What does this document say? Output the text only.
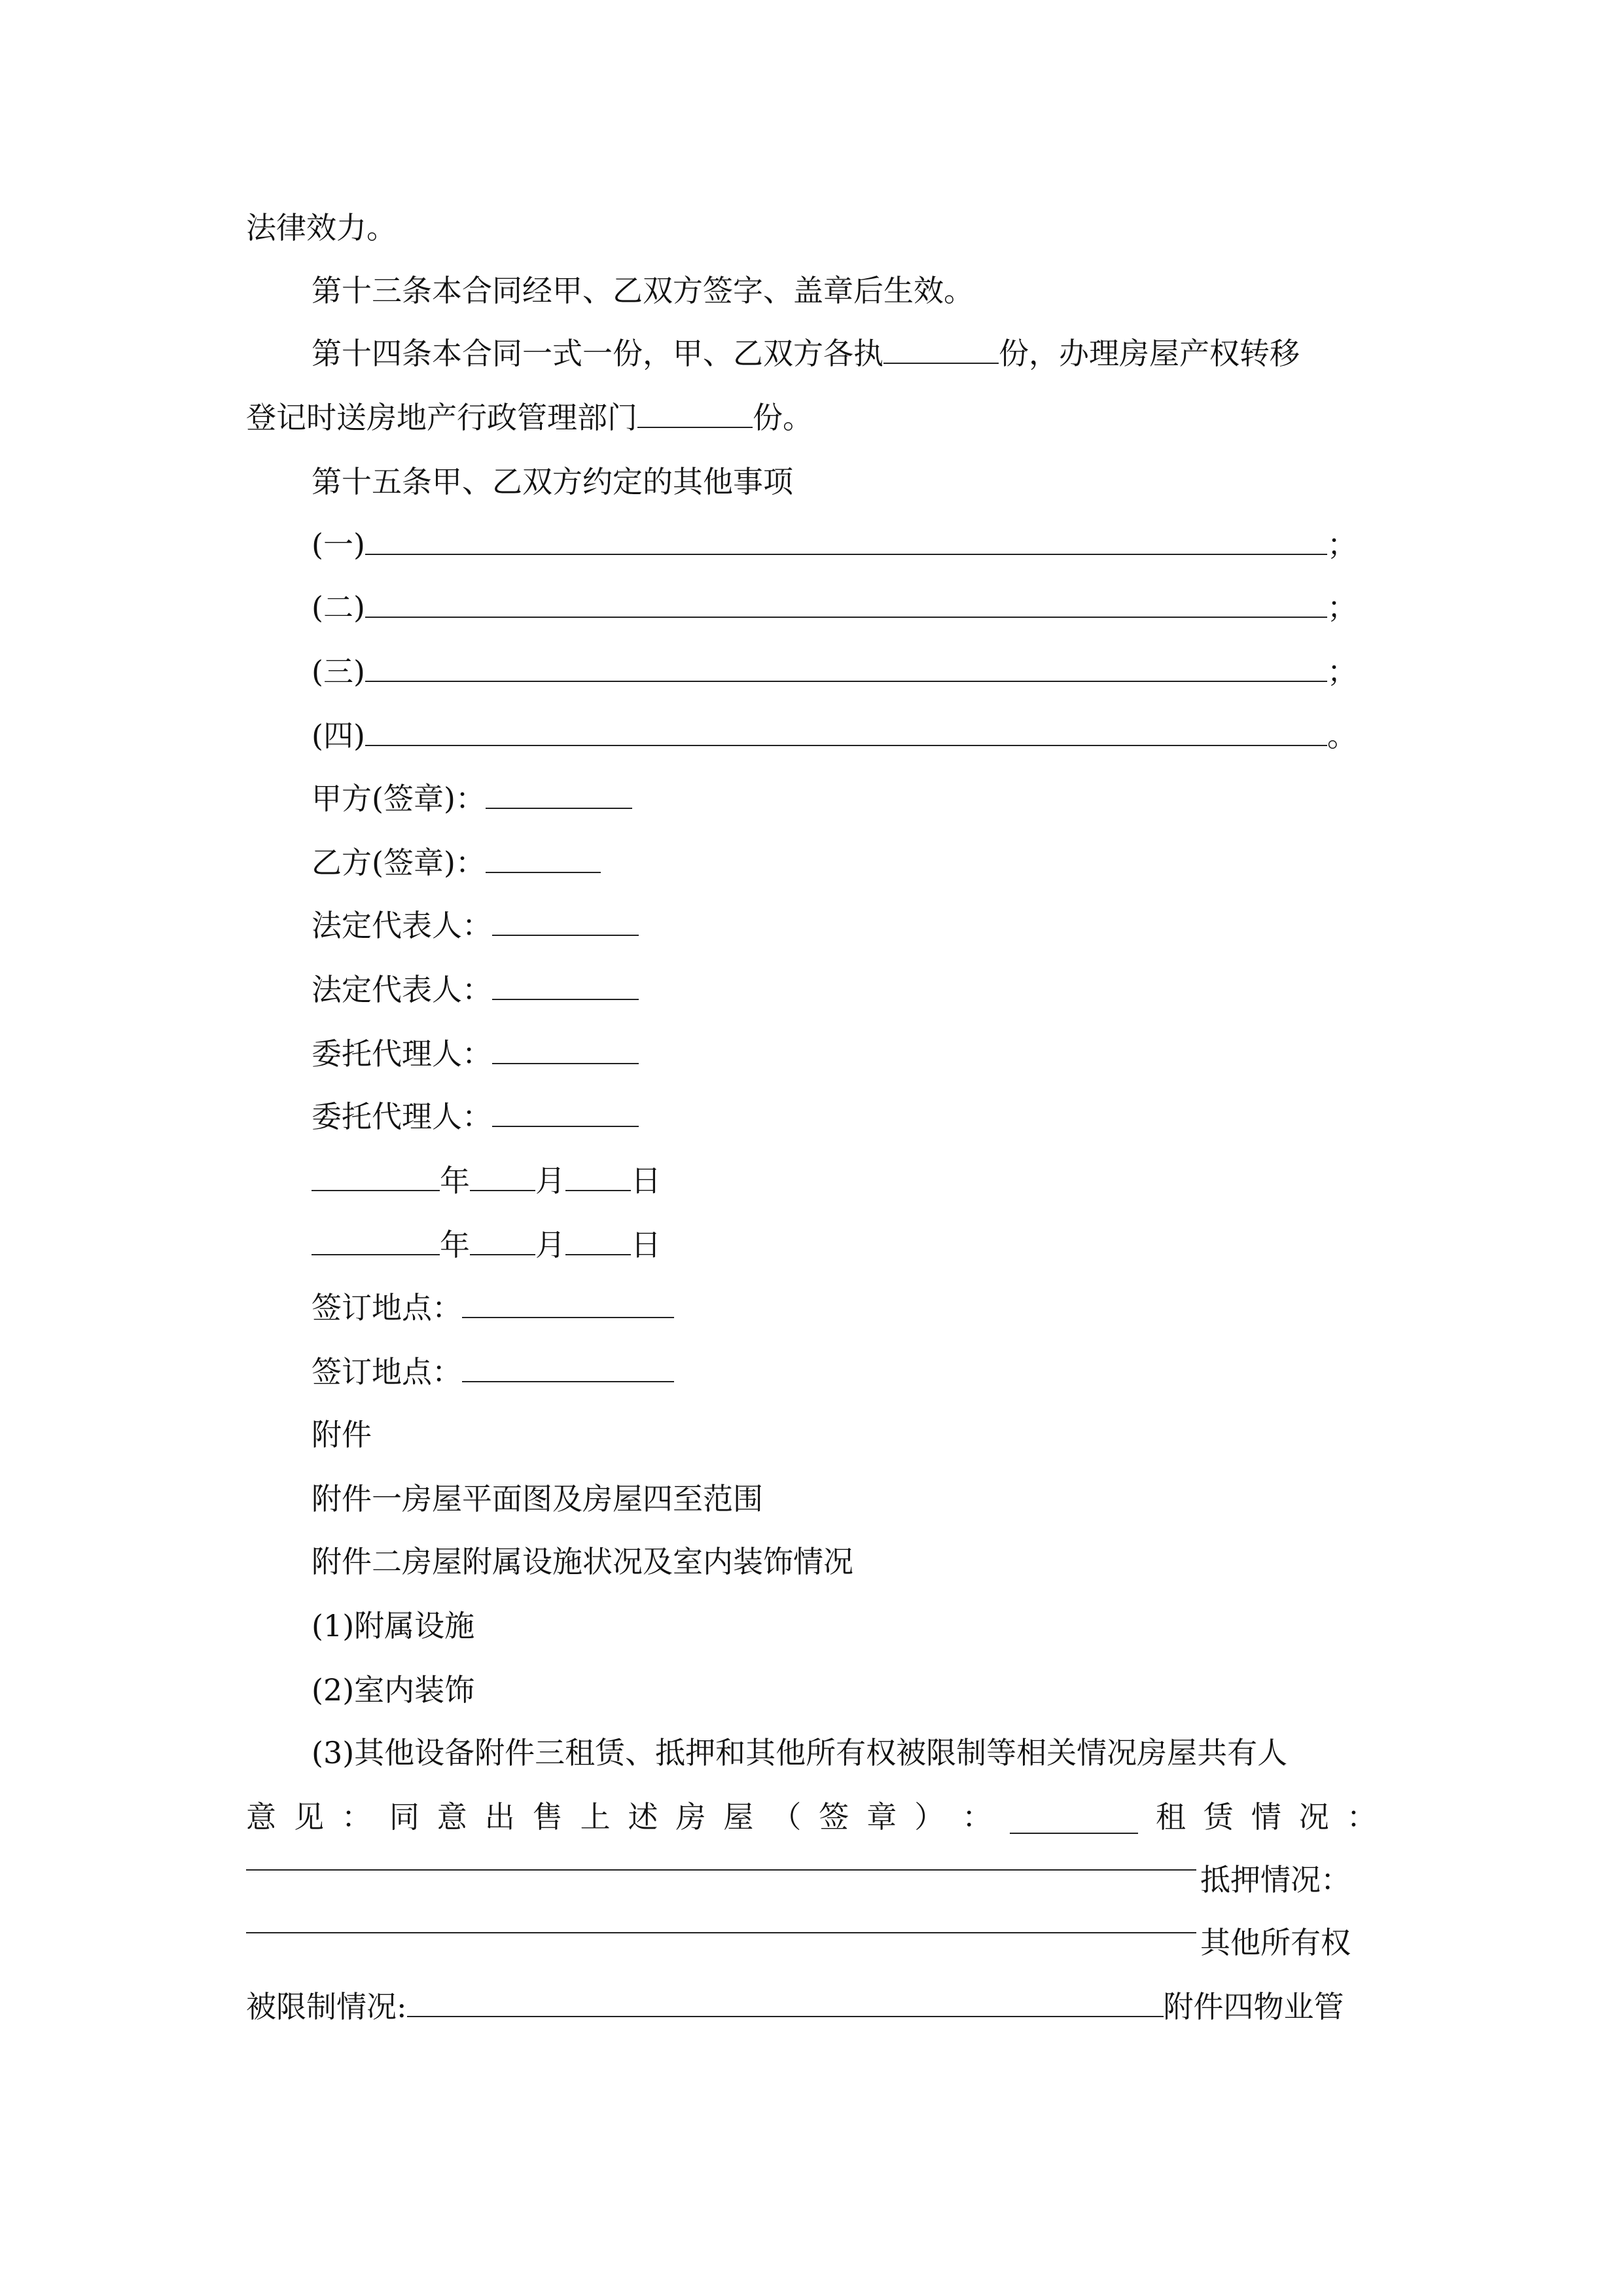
法律效力。
第十三条本合同经甲、乙双方签字、盖章后生效。
第十四条本合同一式一份，甲、乙双方各执	份，办理房屋产权转移
登记时送房地产行政管理部门	份。
第十五条甲、乙双方约定的其他事项
(一)	；
(二)	；
(三)	；
(四)	。
甲方(签章)：
乙方(签章)：
法定代表人：
法定代表人：
委托代理人：
委托代理人：
年 月 日
年 月 日
签订地点：
签订地点：
附件
附件一房屋平面图及房屋四至范围
附件二房屋附属设施状况及室内装饰情况
(1)附属设施
(2)室内装饰
(3)其他设备附件三租赁、抵押和其他所有权被限制等相关情况房屋共有人
意 见 ： 同 意 出 售 上 述 房 屋 （ 签 章 ） ：	租 赁 情 况 ：
抵押情况：
其他所有权
被限制情况:	附件四物业管
